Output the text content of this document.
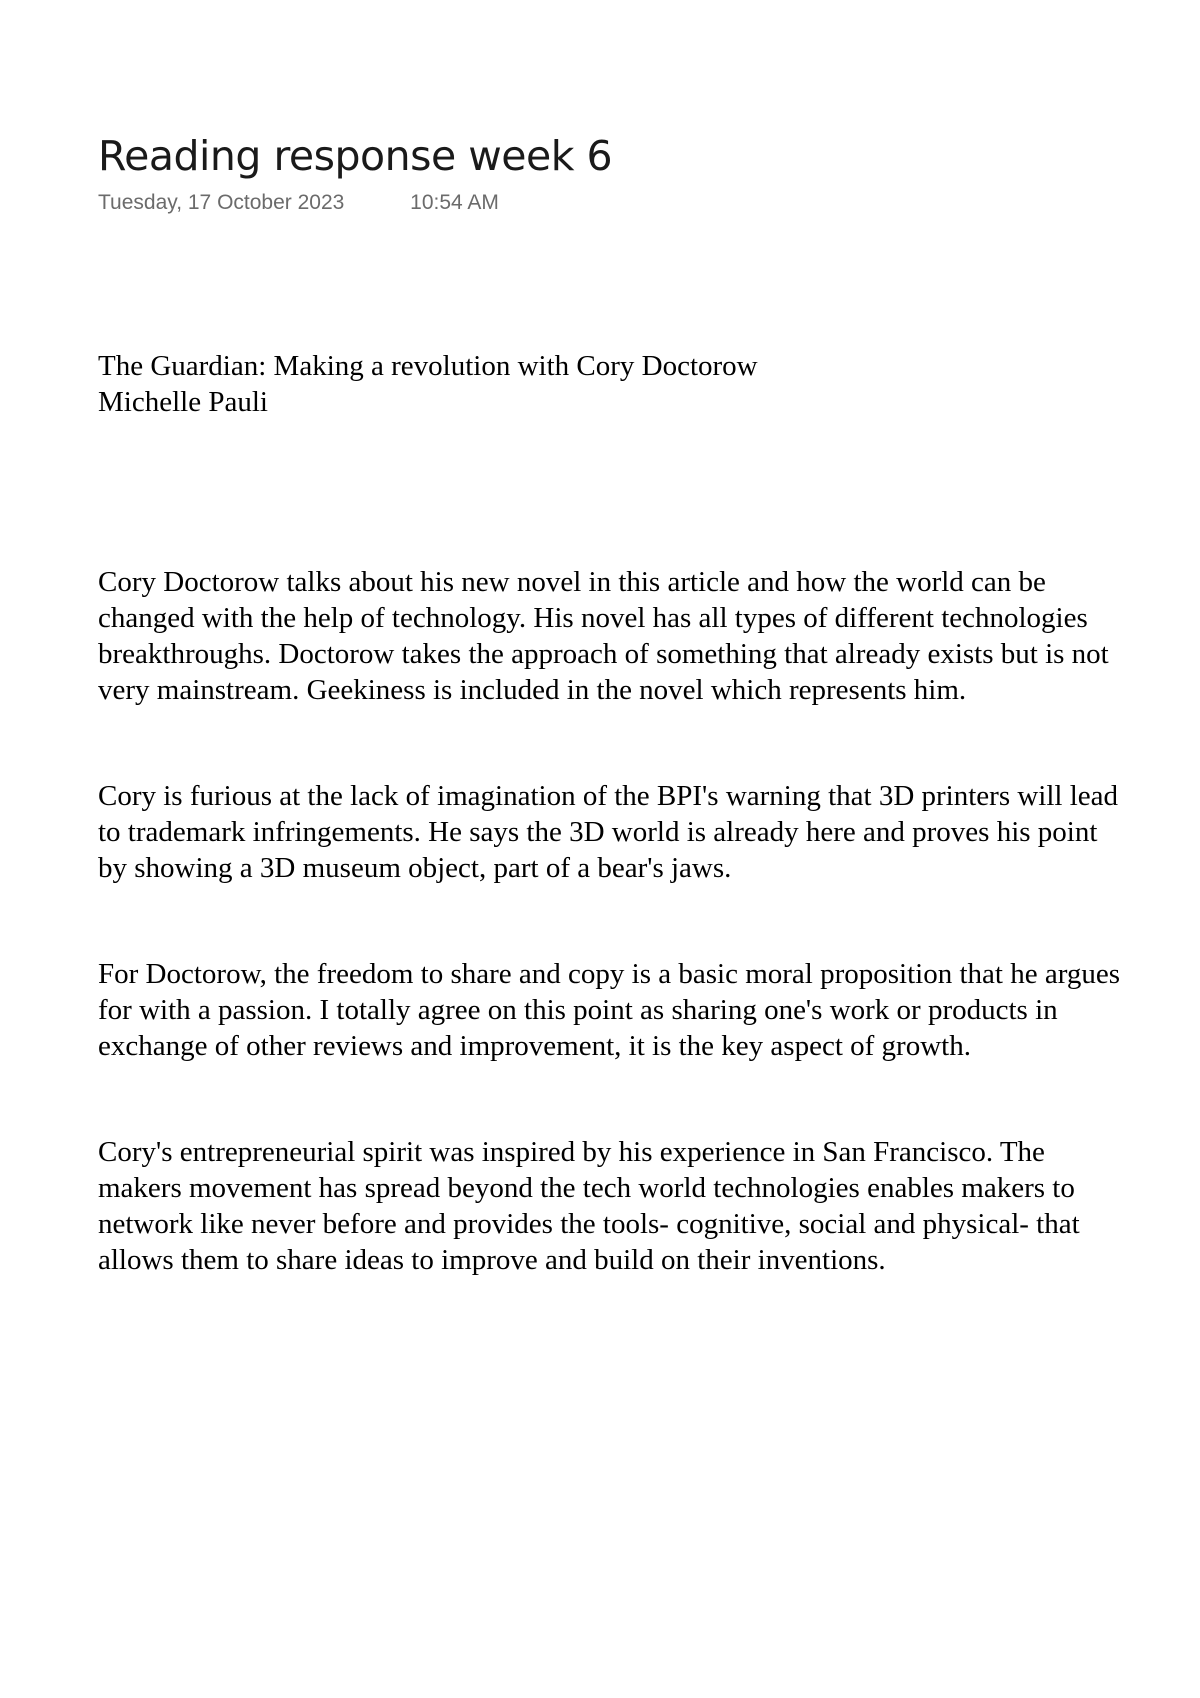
Reading response week 6
Tuesday, 17 October 2023	10:54 AM
The Guardian: Making a revolution with Cory Doctorow
Michelle Pauli

Cory Doctorow talks about his new novel in this article and how the world can be changed with the help of technology. His novel has all types of different technologies breakthroughs. Doctorow takes the approach of something that already exists but is not very mainstream. Geekiness is included in the novel which represents him.

Cory is furious at the lack of imagination of the BPI's warning that 3D printers will lead to trademark infringements. He says the 3D world is already here and proves his point by showing a 3D museum object, part of a bear's jaws.

For Doctorow, the freedom to share and copy is a basic moral proposition that he argues for with a passion. I totally agree on this point as sharing one's work or products in exchange of other reviews and improvement, it is the key aspect of growth.

Cory's entrepreneurial spirit was inspired by his experience in San Francisco. The makers movement has spread beyond the tech world technologies enables makers to network like never before and provides the tools- cognitive, social and physical- that allows them to share ideas to improve and build on their inventions.
